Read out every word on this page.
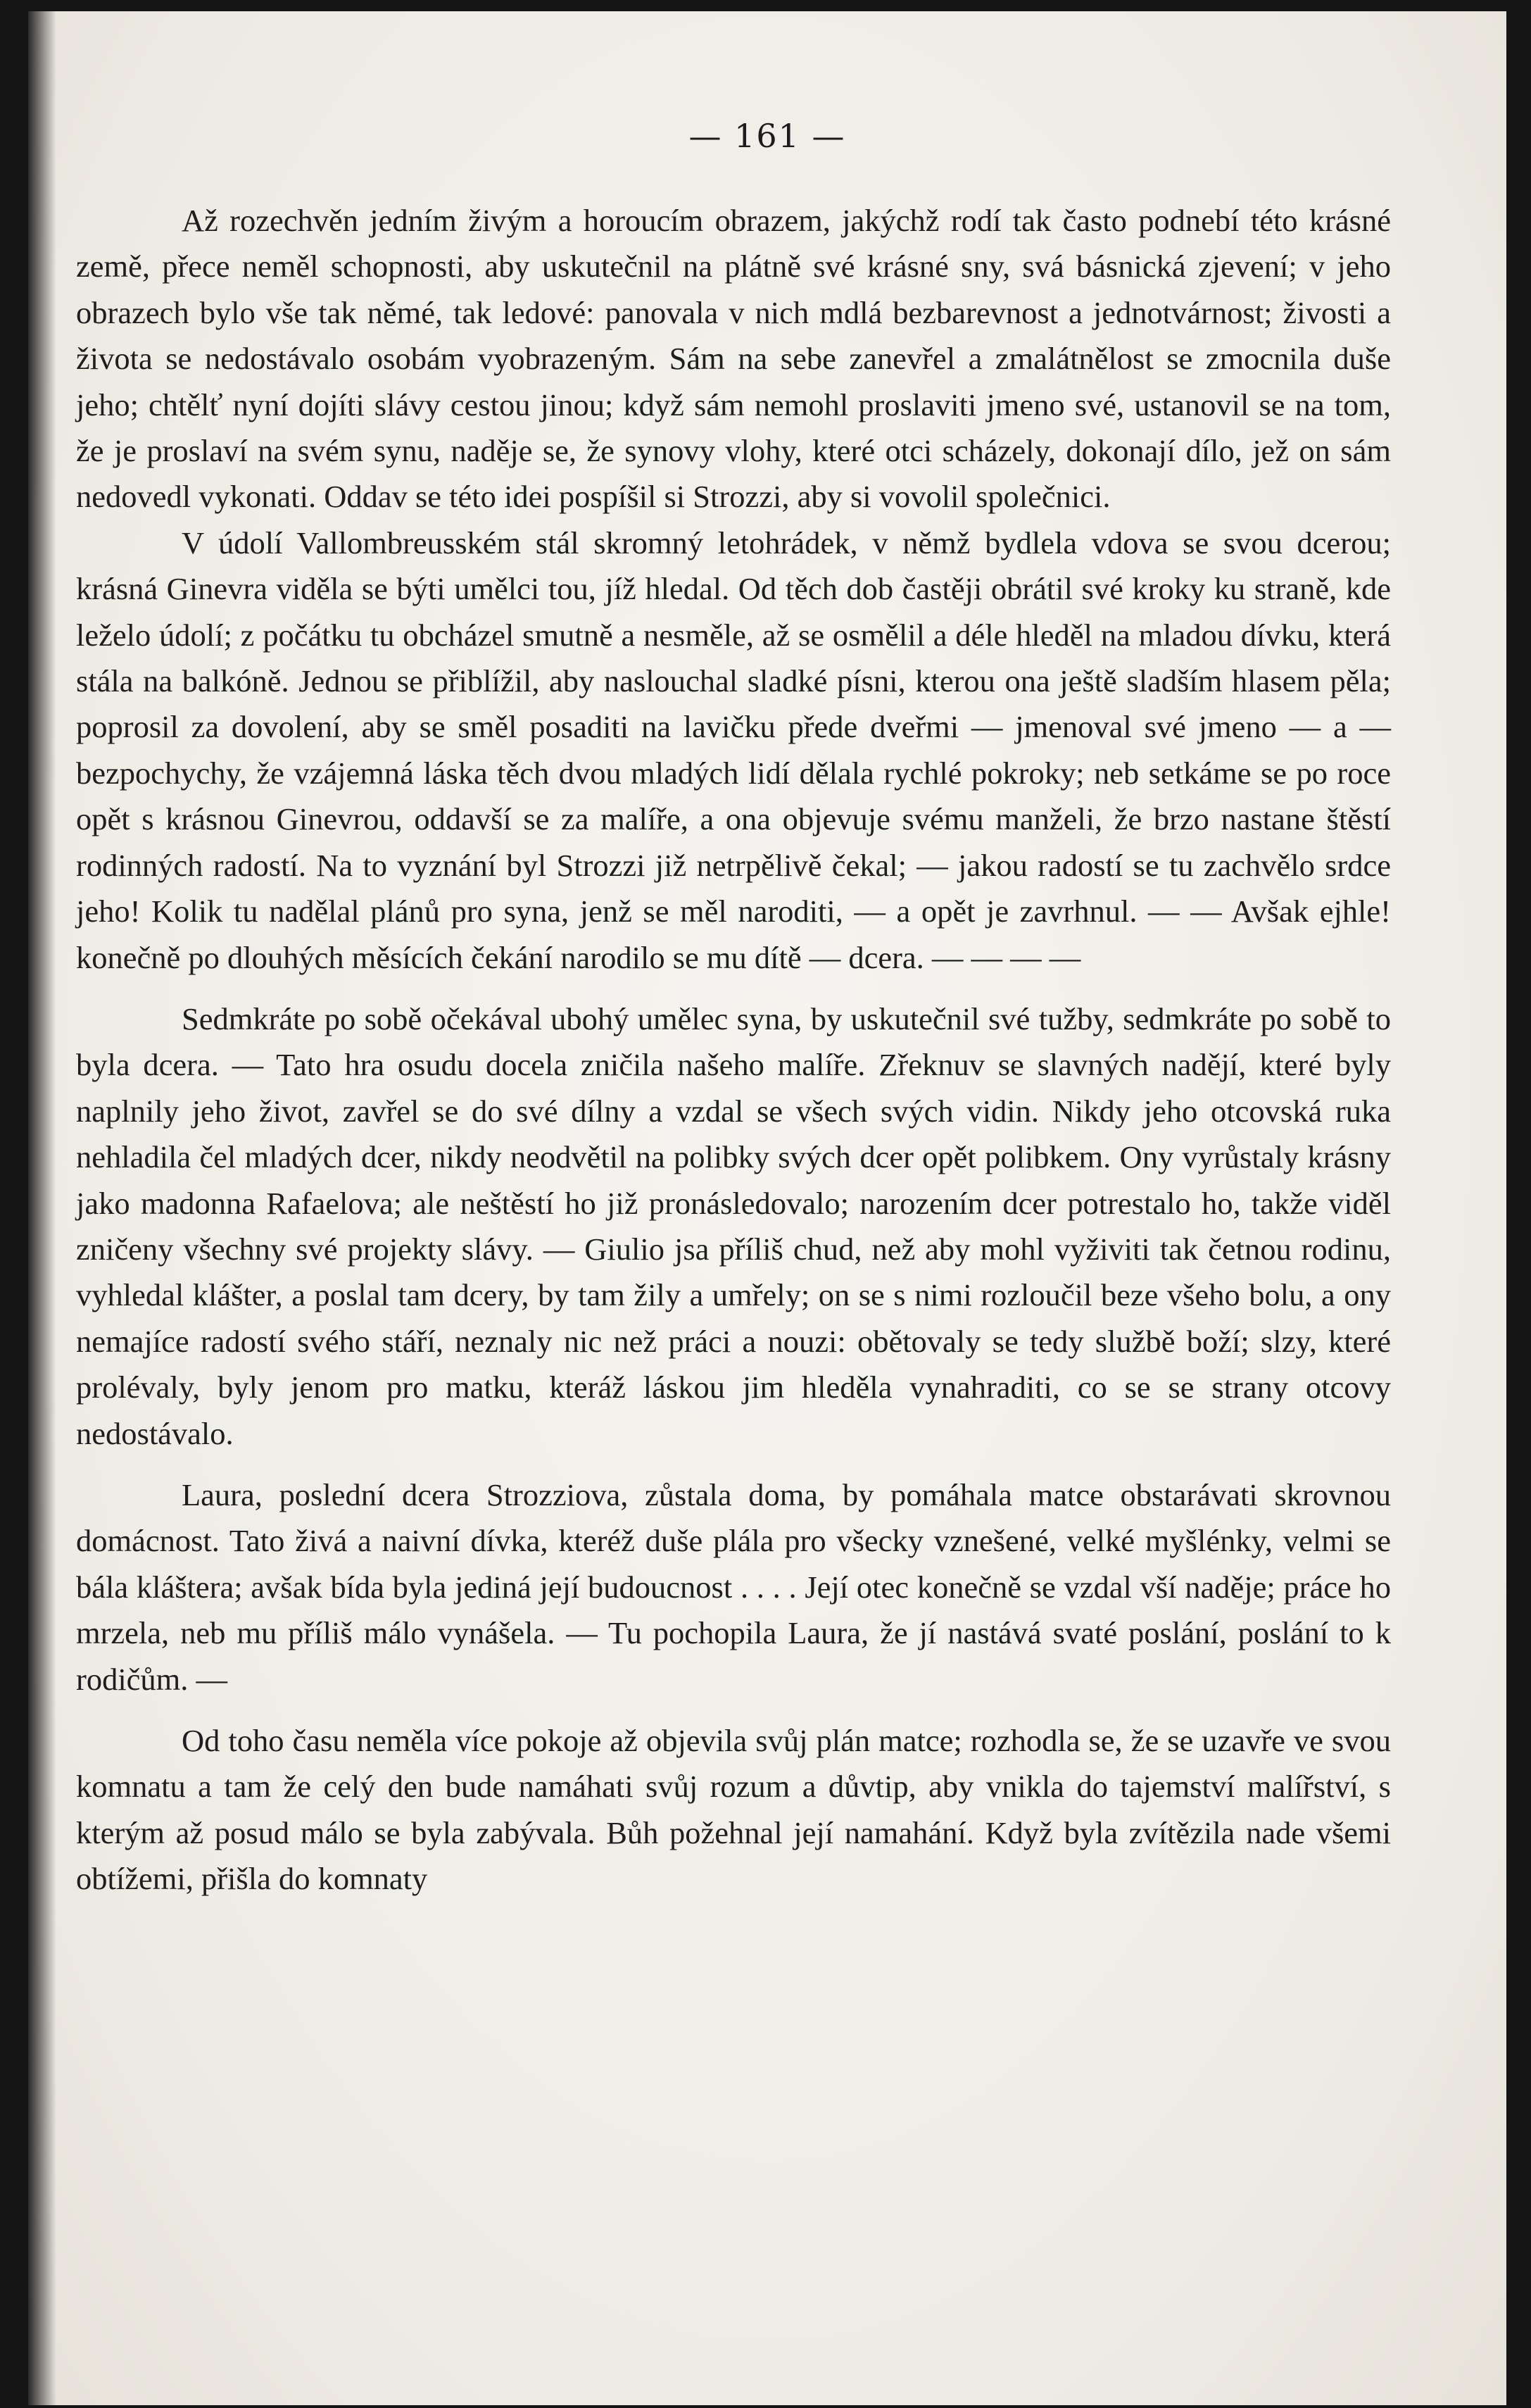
— 161 —

Až rozechvěn jedním živým a horoucím obrazem, jakýchž rodí tak často podnebí této krásné země, přece neměl schopnosti, aby uskutečnil na plátně své krásné sny, svá básnická zjevení; v jeho obrazech bylo vše tak němé, tak ledové: panovala v nich mdlá bezbarevnost a jednotvárnost; živosti a života se nedostávalo osobám vyobrazeným. Sám na sebe zanevřel a zmalátnělost se zmocnila duše jeho; chtělť nyní dojíti slávy cestou jinou; když sám nemohl proslaviti jmeno své, ustanovil se na tom, že je proslaví na svém synu, naděje se, že synovy vlohy, které otci scházely, dokonají dílo, jež on sám nedovedl vykonati. Oddav se této idei pospíšil si Strozzi, aby si vovolil společnici.

V údolí Vallombreusském stál skromný letohrádek, v němž bydlela vdova se svou dcerou; krásná Ginevra viděla se býti umělci tou, jíž hledal. Od těch dob častěji obrátil své kroky ku straně, kde leželo údolí; z počátku tu obcházel smutně a nesměle, až se osmělil a déle hleděl na mladou dívku, která stála na balkóně. Jednou se přiblížil, aby naslouchal sladké písni, kterou ona ještě sladším hlasem pěla; poprosil za dovolení, aby se směl posaditi na lavičku přede dveřmi — jmenoval své jmeno — a — bezpochychy, že vzájemná láska těch dvou mladých lidí dělala rychlé pokroky; neb setkáme se po roce opět s krásnou Ginevrou, oddavší se za malíře, a ona objevuje svému manželi, že brzo nastane štěstí rodinných radostí. Na to vyznání byl Strozzi již netrpělivě čekal; — jakou radostí se tu zachvělo srdce jeho! Kolik tu nadělal plánů pro syna, jenž se měl naroditi, — a opět je zavrhnul. — — Avšak ejhle! konečně po dlouhých měsících čekání narodilo se mu dítě — dcera. — — — —

Sedmkráte po sobě očekával ubohý umělec syna, by uskutečnil své tužby, sedmkráte po sobě to byla dcera. — Tato hra osudu docela zničila našeho malíře. Zřeknuv se slavných nadějí, které byly naplnily jeho život, zavřel se do své dílny a vzdal se všech svých vidin. Nikdy jeho otcovská ruka nehladila čel mladých dcer, nikdy neodvětil na polibky svých dcer opět polibkem. Ony vyrůstaly krásny jako madonna Rafaelova; ale neštěstí ho již pronásledovalo; narozením dcer potrestalo ho, takže viděl zničeny všechny své projekty slávy. — Giulio jsa příliš chud, než aby mohl vyživiti tak četnou rodinu, vyhledal klášter, a poslal tam dcery, by tam žily a umřely; on se s nimi rozloučil beze všeho bolu, a ony nemajíce radostí svého stáří, neznaly nic než práci a nouzi: obětovaly se tedy službě boží; slzy, které prolévaly, byly jenom pro matku, kteráž láskou jim hleděla vynahraditi, co se se strany otcovy nedostávalo.

Laura, poslední dcera Strozziova, zůstala doma, by pomáhala matce obstarávati skrovnou domácnost. Tato živá a naivní dívka, kteréž duše plála pro všecky vznešené, velké myšlénky, velmi se bála kláštera; avšak bída byla jediná její budoucnost . . . . Její otec konečně se vzdal vší naděje; práce ho mrzela, neb mu příliš málo vynášela. — Tu pochopila Laura, že jí nastává svaté poslání, poslání to k rodičům. —

Od toho času neměla více pokoje až objevila svůj plán matce; rozhodla se, že se uzavře ve svou komnatu a tam že celý den bude namáhati svůj rozum a důvtip, aby vnikla do tajemství malířství, s kterým až posud málo se byla zabývala. Bůh požehnal její namahání. Když byla zvítězila nade všemi obtížemi, přišla do komnaty
